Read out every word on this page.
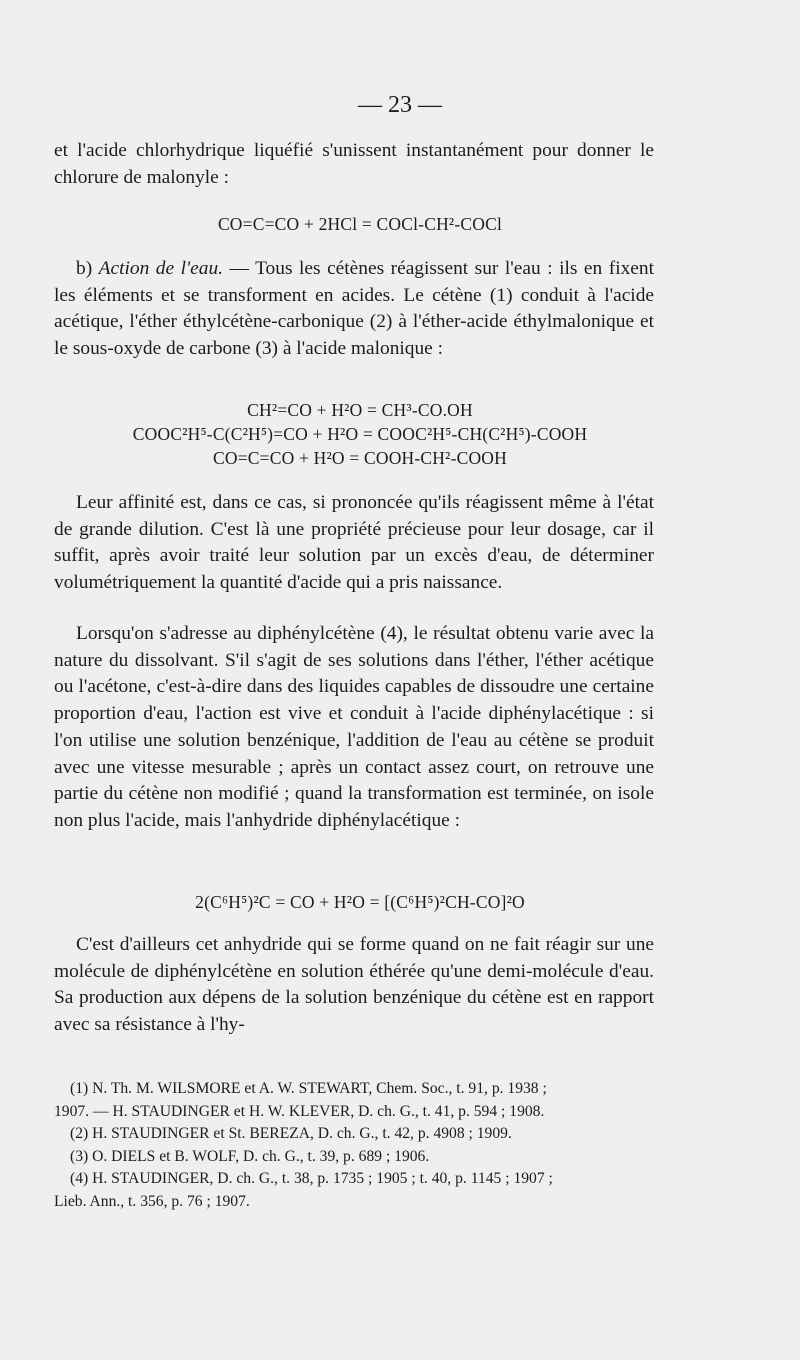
— 23 —
et l'acide chlorhydrique liquéfié s'unissent instantanément pour donner le chlorure de malonyle :
CO=C=CO + 2HCl = COCl-CH²-COCl
b) Action de l'eau. — Tous les cétènes réagissent sur l'eau : ils en fixent les éléments et se transforment en acides. Le cétène (1) conduit à l'acide acétique, l'éther éthylcétène-carbonique (2) à l'éther-acide éthylmalonique et le sous-oxyde de carbone (3) à l'acide malonique :
CH²=CO + H²O = CH³-CO.OH
COOC²H⁵-C(C²H⁵)=CO + H²O = COOC²H⁵-CH(C²H⁵)-COOH
CO=C=CO + H²O = COOH-CH²-COOH
Leur affinité est, dans ce cas, si prononcée qu'ils réagissent même à l'état de grande dilution. C'est là une propriété précieuse pour leur dosage, car il suffit, après avoir traité leur solution par un excès d'eau, de déterminer volumétriquement la quantité d'acide qui a pris naissance.
Lorsqu'on s'adresse au diphénylcétène (4), le résultat obtenu varie avec la nature du dissolvant. S'il s'agit de ses solutions dans l'éther, l'éther acétique ou l'acétone, c'est-à-dire dans des liquides capables de dissoudre une certaine proportion d'eau, l'action est vive et conduit à l'acide diphénylacétique : si l'on utilise une solution benzénique, l'addition de l'eau au cétène se produit avec une vitesse mesurable ; après un contact assez court, on retrouve une partie du cétène non modifié ; quand la transformation est terminée, on isole non plus l'acide, mais l'anhydride diphénylacétique :
2(C⁶H⁵)²C = CO + H²O = [(C⁶H⁵)²CH-CO]²O
C'est d'ailleurs cet anhydride qui se forme quand on ne fait réagir sur une molécule de diphénylcétène en solution éthérée qu'une demi-molécule d'eau. Sa production aux dépens de la solution benzénique du cétène est en rapport avec sa résistance à l'hy-
(1) N. Th. M. WILSMORE et A. W. STEWART, Chem. Soc., t. 91, p. 1938 ;
1907. — H. STAUDINGER et H. W. KLEVER, D. ch. G., t. 41, p. 594 ; 1908.
(2) H. STAUDINGER et St. BEREZA, D. ch. G., t. 42, p. 4908 ; 1909.
(3) O. DIELS et B. WOLF, D. ch. G., t. 39, p. 689 ; 1906.
(4) H. STAUDINGER, D. ch. G., t. 38, p. 1735 ; 1905 ; t. 40, p. 1145 ; 1907 ;
Lieb. Ann., t. 356, p. 76 ; 1907.
